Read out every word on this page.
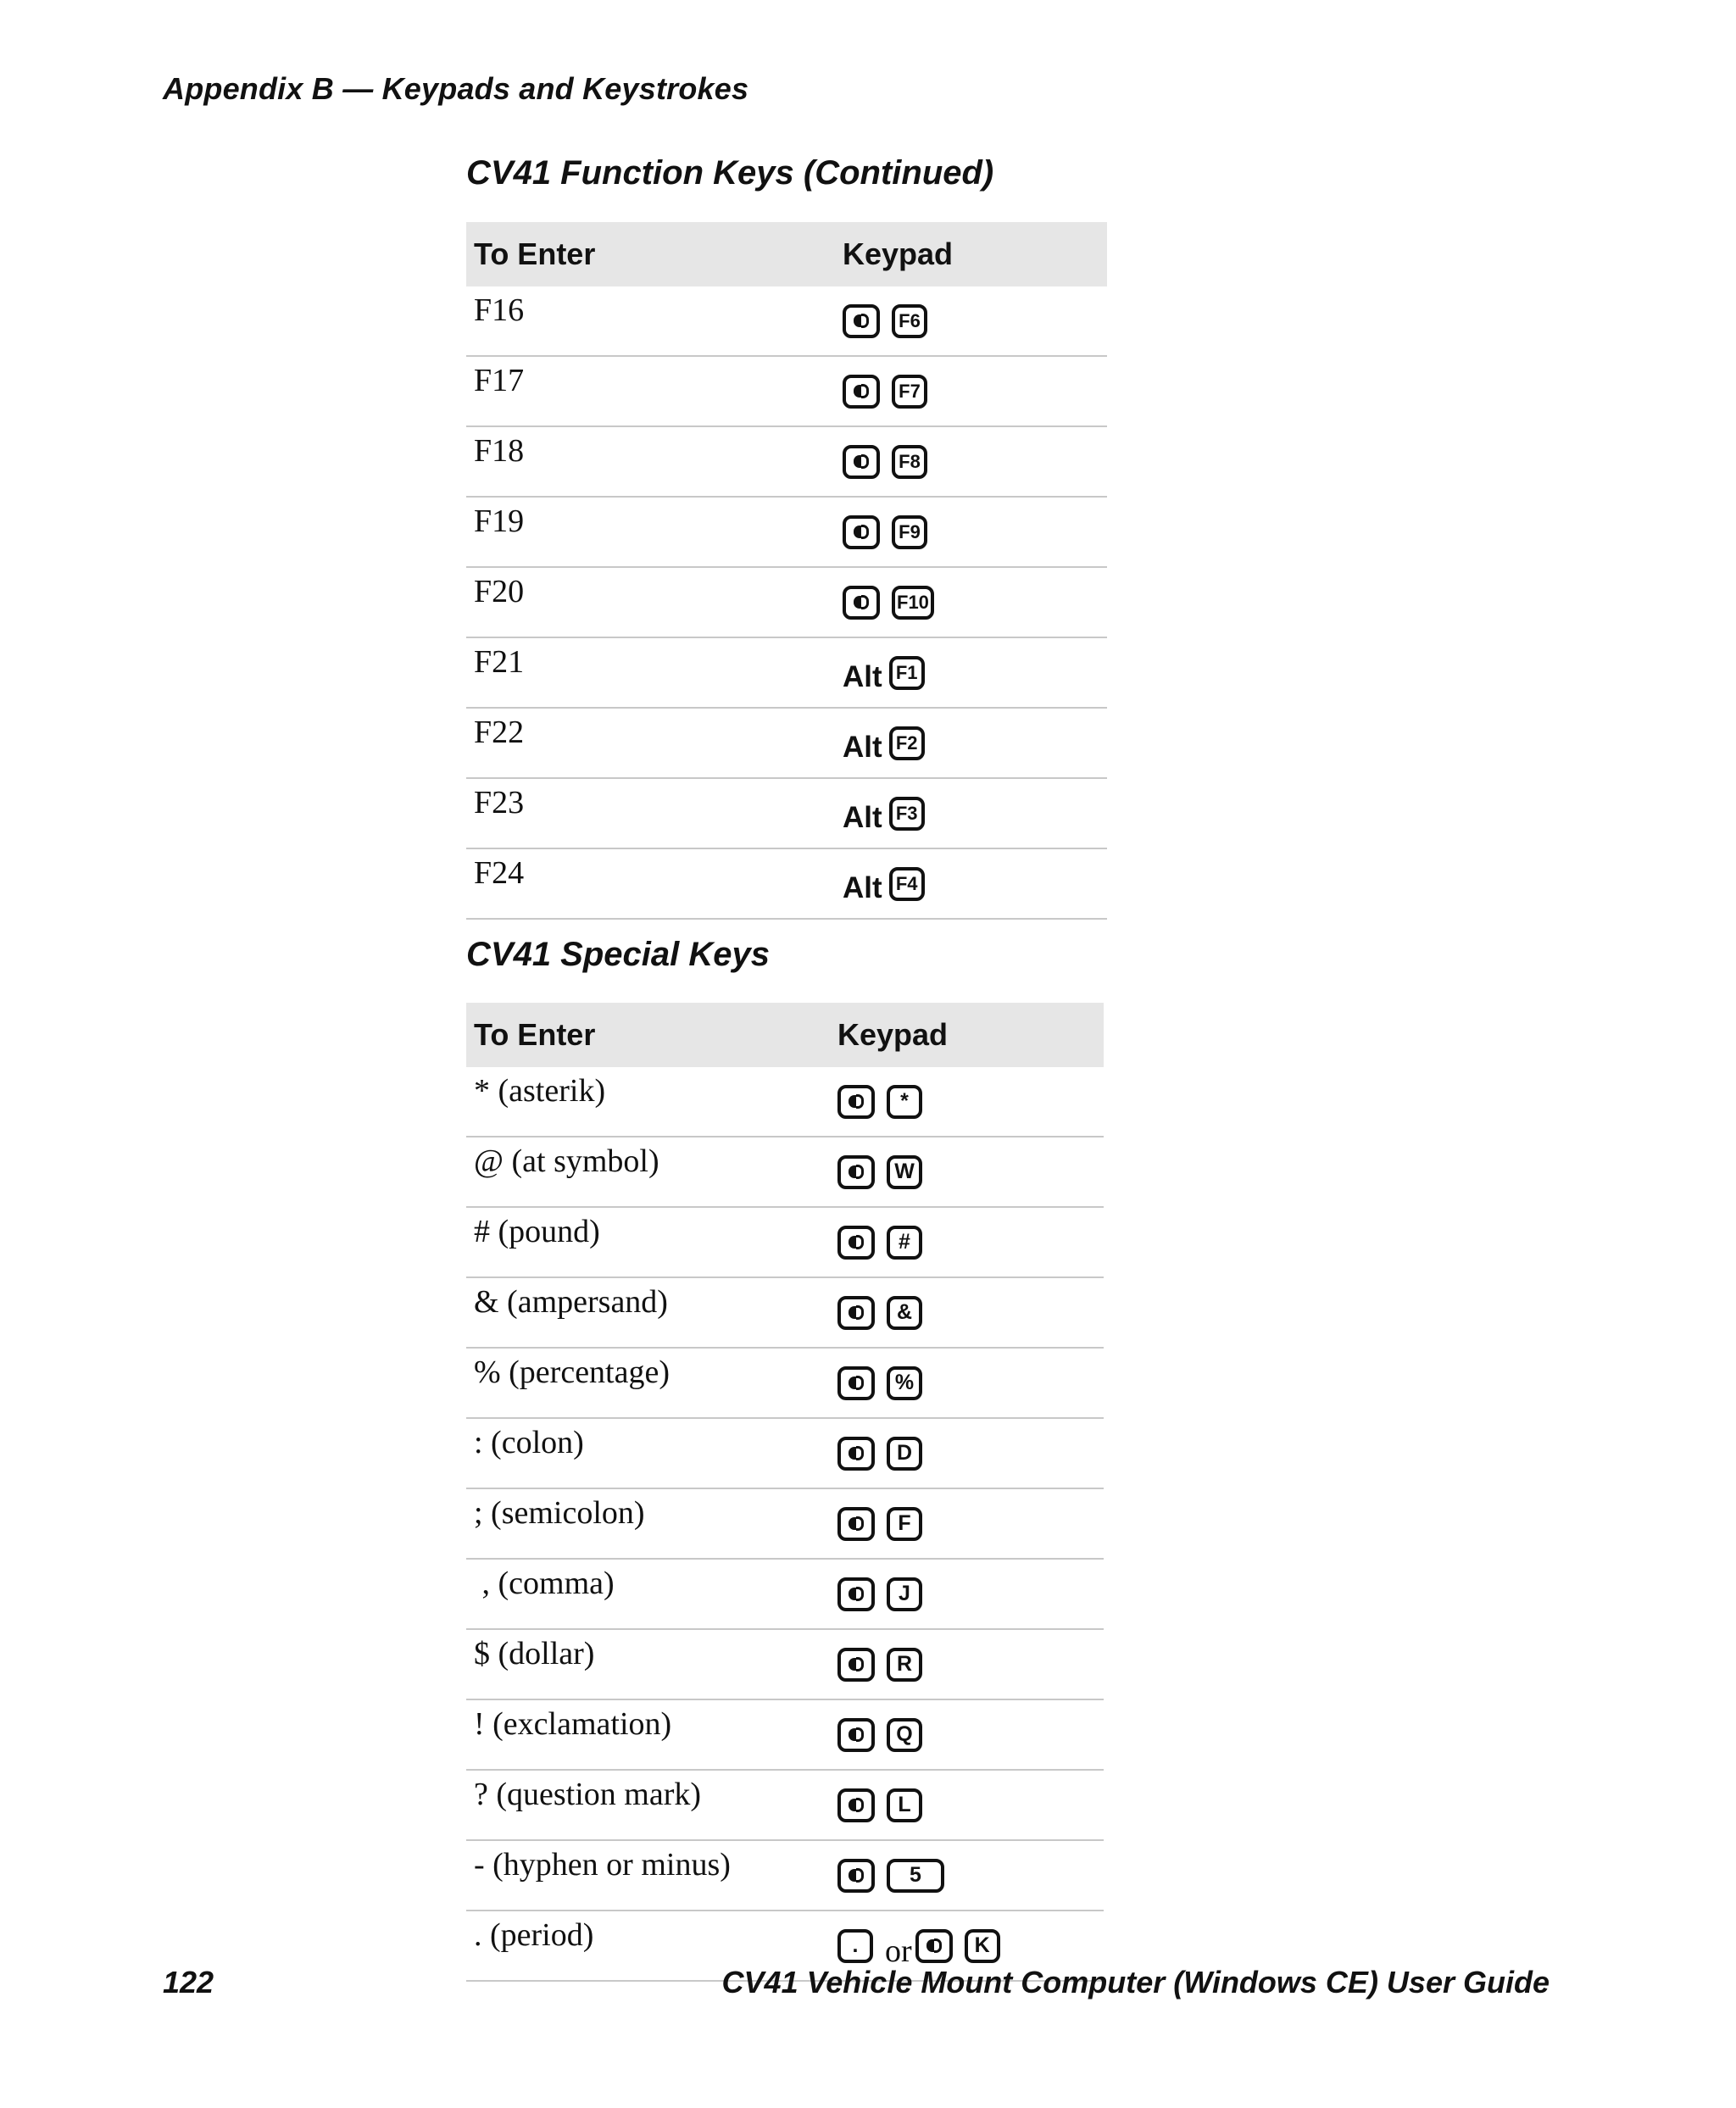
Appendix B — Keypads and Keystrokes
CV41 Function Keys (Continued)
To Enter	Keypad
F16	F6

F17	F7

F18	F8

F19	F9

F20	F10

F21	Alt F1

F22	Alt F2

F23	Alt F3

F24	Alt F4
CV41 Special Keys
To Enter	Keypad
* (asterik)	*

@ (at symbol)	W

# (pound)	#

& (ampersand)	&

% (percentage)	%

: (colon)	D

; (semicolon)	F

, (comma)	J

$ (dollar)	R

! (exclamation)	Q

? (question mark)	L

- (hyphen or minus)	5

. (period)	. or K
122	CV41 Vehicle Mount Computer (Windows CE) User Guide
